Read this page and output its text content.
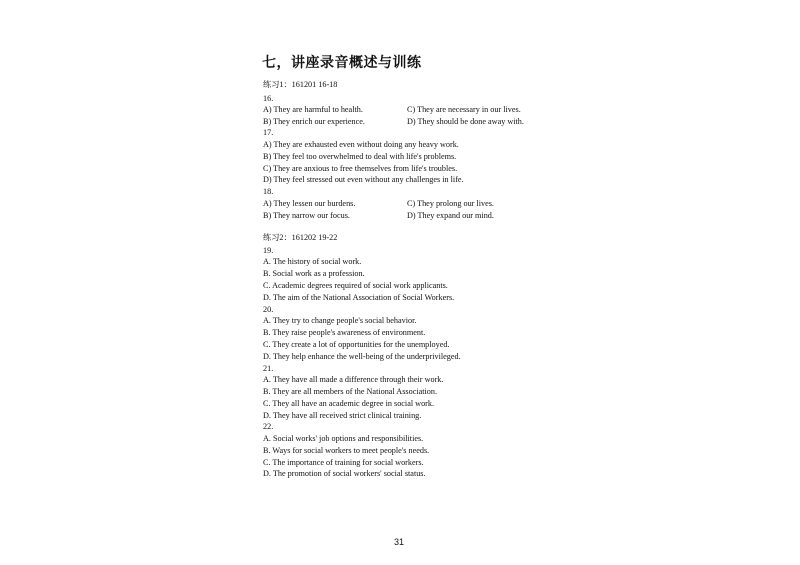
七，讲座录音概述与训练
练习1：161201 16-18
16.
A) They are harmful to health.	C) They are necessary in our lives.
B) They enrich our experience.	D) They should be done away with.
17.
A) They are exhausted even without doing any heavy work.
B) They feel too overwhelmed to deal with life's problems.
C) They are anxious to free themselves from life's troubles.
D) They feel stressed out even without any challenges in life.
18.
A) They lessen our burdens.	C) They prolong our lives.
B) They narrow our focus.	D) They expand our mind.
练习2：161202 19-22
19.
A. The history of social work.
B. Social work as a profession.
C. Academic degrees required of social work applicants.
D. The aim of the National Association of Social Workers.
20.
A. They try to change people's social behavior.
B. They raise people's awareness of environment.
C. They create a lot of opportunities for the unemployed.
D. They help enhance the well-being of the underprivileged.
21.
A. They have all made a difference through their work.
B. They are all members of the National Association.
C. They all have an academic degree in social work.
D. They have all received strict clinical training.
22.
A. Social works' job options and responsibilities.
B. Ways for social workers to meet people's needs.
C. The importance of training for social workers.
D. The promotion of social workers' social status.
31
